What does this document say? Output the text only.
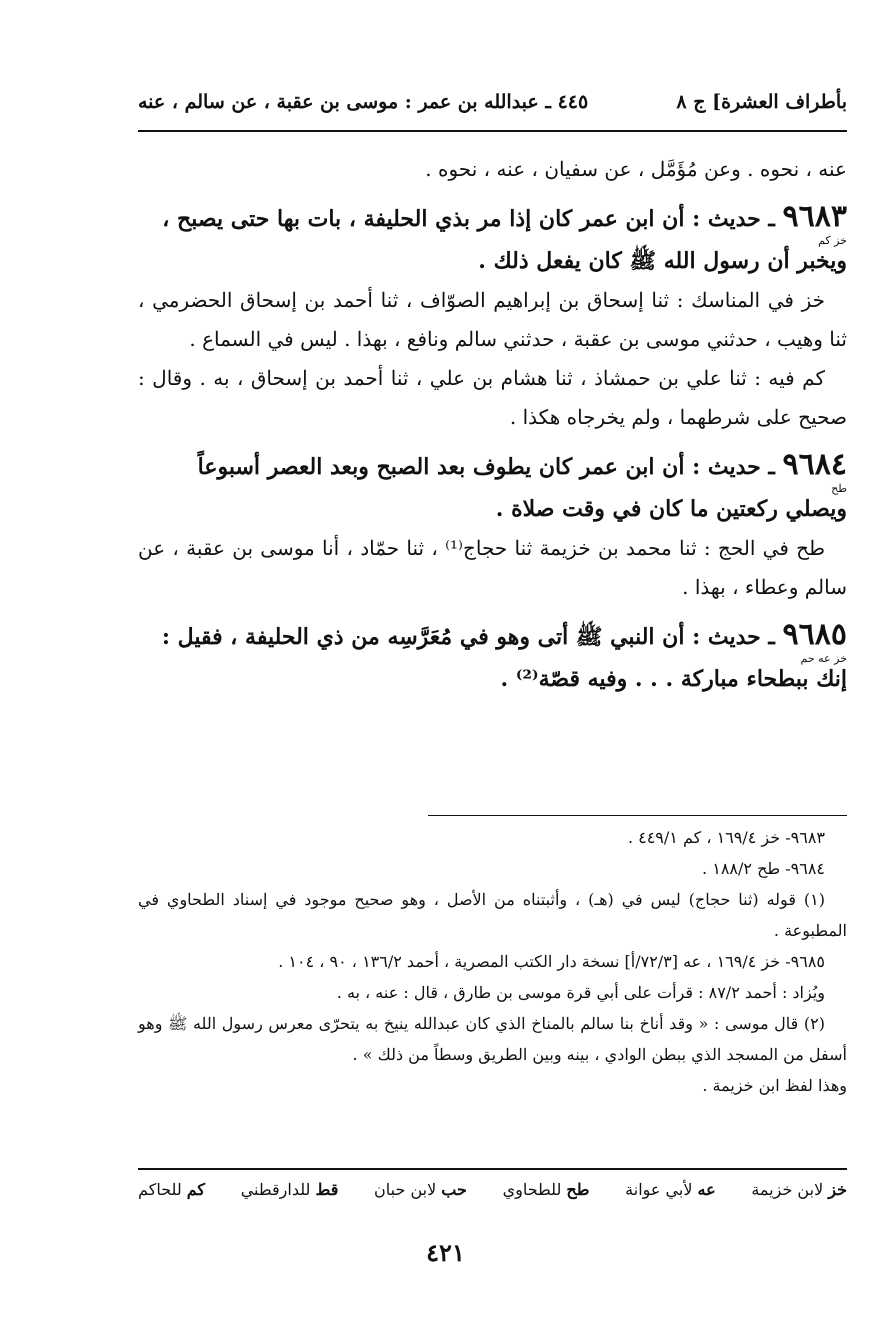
بأطراف العشرة] ج ٨
٤٤٥ ـ عبدالله بن عمر : موسى بن عقبة ، عن سالم ، عنه

عنه ، نحوه . وعن مُؤَمَّل ، عن سفيان ، عنه ، نحوه .

٩٦٨٣ ـ حديث : أن ابن عمر كان إذا مر بذي الحليفة ، بات بها حتى يصبح ،

خز كم

ويخبر أن رسول الله ﷺ كان يفعل ذلك .

خز في المناسك : ثنا إسحاق بن إبراهيم الصوّاف ، ثنا أحمد بن إسحاق الحضرمي ، ثنا وهيب ، حدثني موسى بن عقبة ، حدثني سالم ونافع ، بهذا . ليس في السماع .

كم فيه : ثنا علي بن حمشاذ ، ثنا هشام بن علي ، ثنا أحمد بن إسحاق ، به . وقال : صحيح على شرطهما ، ولم يخرجاه هكذا .

٩٦٨٤ ـ حديث : أن ابن عمر كان يطوف بعد الصبح وبعد العصر أسبوعاً

طح

ويصلي ركعتين ما كان في وقت صلاة .

طح في الحج : ثنا محمد بن خزيمة ثنا حجاج⁽¹⁾ ، ثنا حمّاد ، أنا موسى بن عقبة ، عن سالم وعطاء ، بهذا .

٩٦٨٥ ـ حديث : أن النبي ﷺ أتى وهو في مُعَرَّسِه من ذي الحليفة ، فقيل :

خز عه حم

إنك ببطحاء مباركة . . . وفيه قصّة⁽²⁾ .

٩٦٨٣- خز ١٦٩/٤ ، كم ٤٤٩/١ .

٩٦٨٤- طح ١٨٨/٢ .

(١) قوله (ثنا حجاج) ليس في (هـ) ، وأثبتناه من الأصل ، وهو صحيح موجود في إسناد الطحاوي في المطبوعة .

٩٦٨٥- خز ١٦٩/٤ ، عه [٧٢/٣/أ] نسخة دار الكتب المصرية ، أحمد ١٣٦/٢ ، ٩٠ ، ١٠٤ .

ويُزاد : أحمد ٨٧/٢ : قرأت على أبي قرة موسى بن طارق ، قال : عنه ، به .

(٢) قال موسى : « وقد أناخ بنا سالم بالمناخ الذي كان عبدالله ينيخ به يتحرّى معرس رسول الله ﷺ وهو أسفل من المسجد الذي ببطن الوادي ، بينه وبين الطريق وسطاً من ذلك » .

وهذا لفظ ابن خزيمة .

خز لابن خزيمة
عه لأبي عوانة
طح للطحاوي
حب لابن حبان
قط للدارقطني
كم للحاكم
٤٢١
